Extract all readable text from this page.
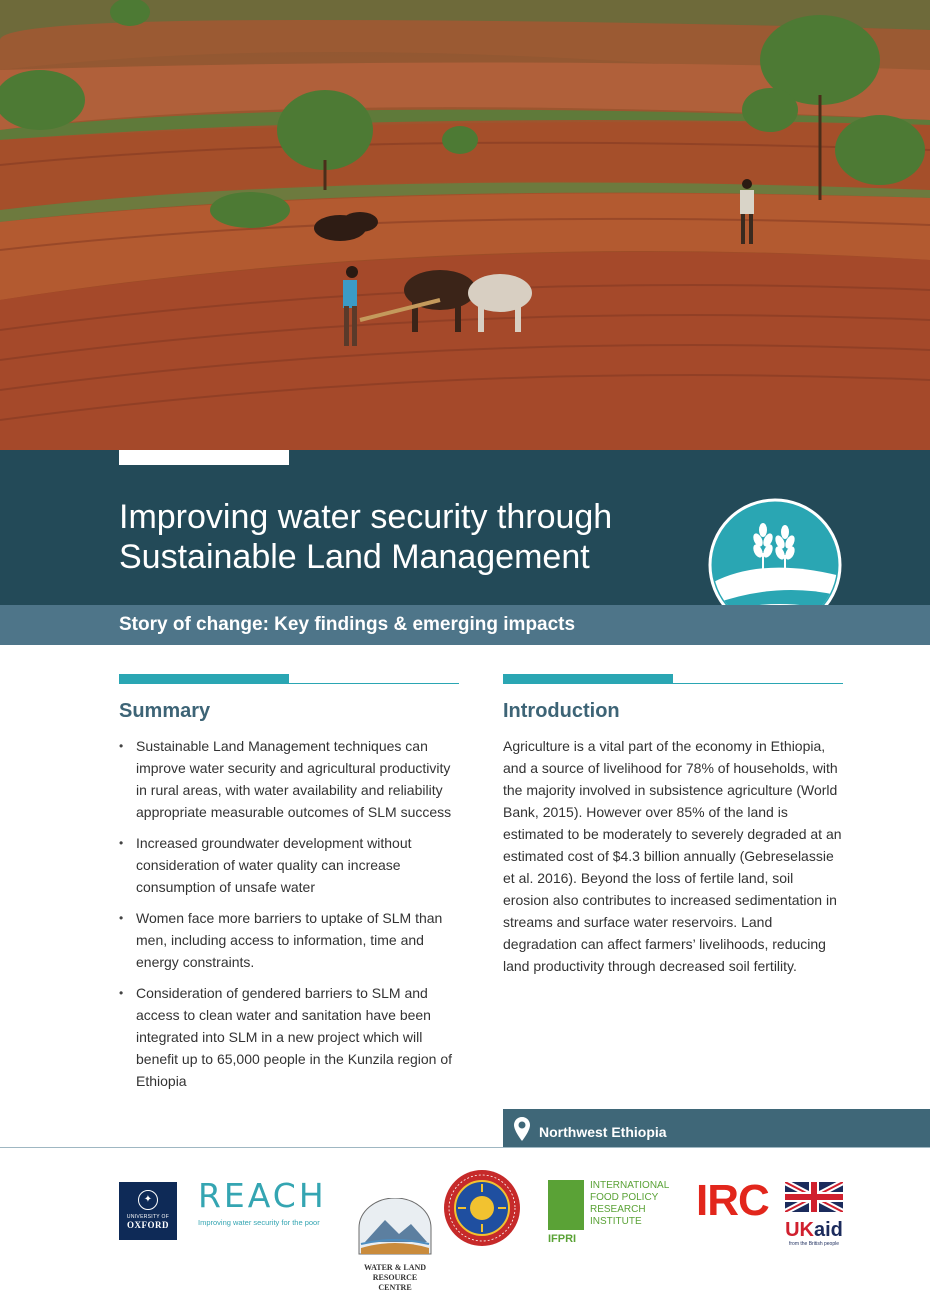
Improving water security through
Sustainable Land Management
Story of change: Key findings & emerging impacts
Summary
• Sustainable Land Management techniques can improve water security and agricultural productivity in rural areas, with water availability and reliability appropriate measurable outcomes of SLM success
• Increased groundwater development without consideration of water quality can increase consumption of unsafe water
• Women face more barriers to uptake of SLM than men, including access to information, time and energy constraints.
• Consideration of gendered barriers to SLM and access to clean water and sanitation have been integrated into SLM in a new project which will benefit up to 65,000 people in the Kunzila region of Ethiopia
Introduction

Agriculture is a vital part of the economy in Ethiopia, and a source of livelihood for 78% of households, with the majority involved in subsistence agriculture (World Bank, 2015). However over 85% of the land is estimated to be moderately to severely degraded at an estimated cost of $4.3 billion annually (Gebreselassie et al. 2016). Beyond the loss of fertile land, soil erosion also contributes to increased sedimentation in streams and surface water reservoirs. Land degradation can affect farmers’ livelihoods, reducing land productivity through decreased soil fertility.

Northwest Ethiopia
✦
UNIVERSITY OF
OXFORD
REACH
Improving water security for the poor
WATER & LAND
RESOURCE
CENTRE
IFPRI
INTERNATIONAL
FOOD POLICY
RESEARCH
INSTITUTE	IRC
UKaid
from the British people
